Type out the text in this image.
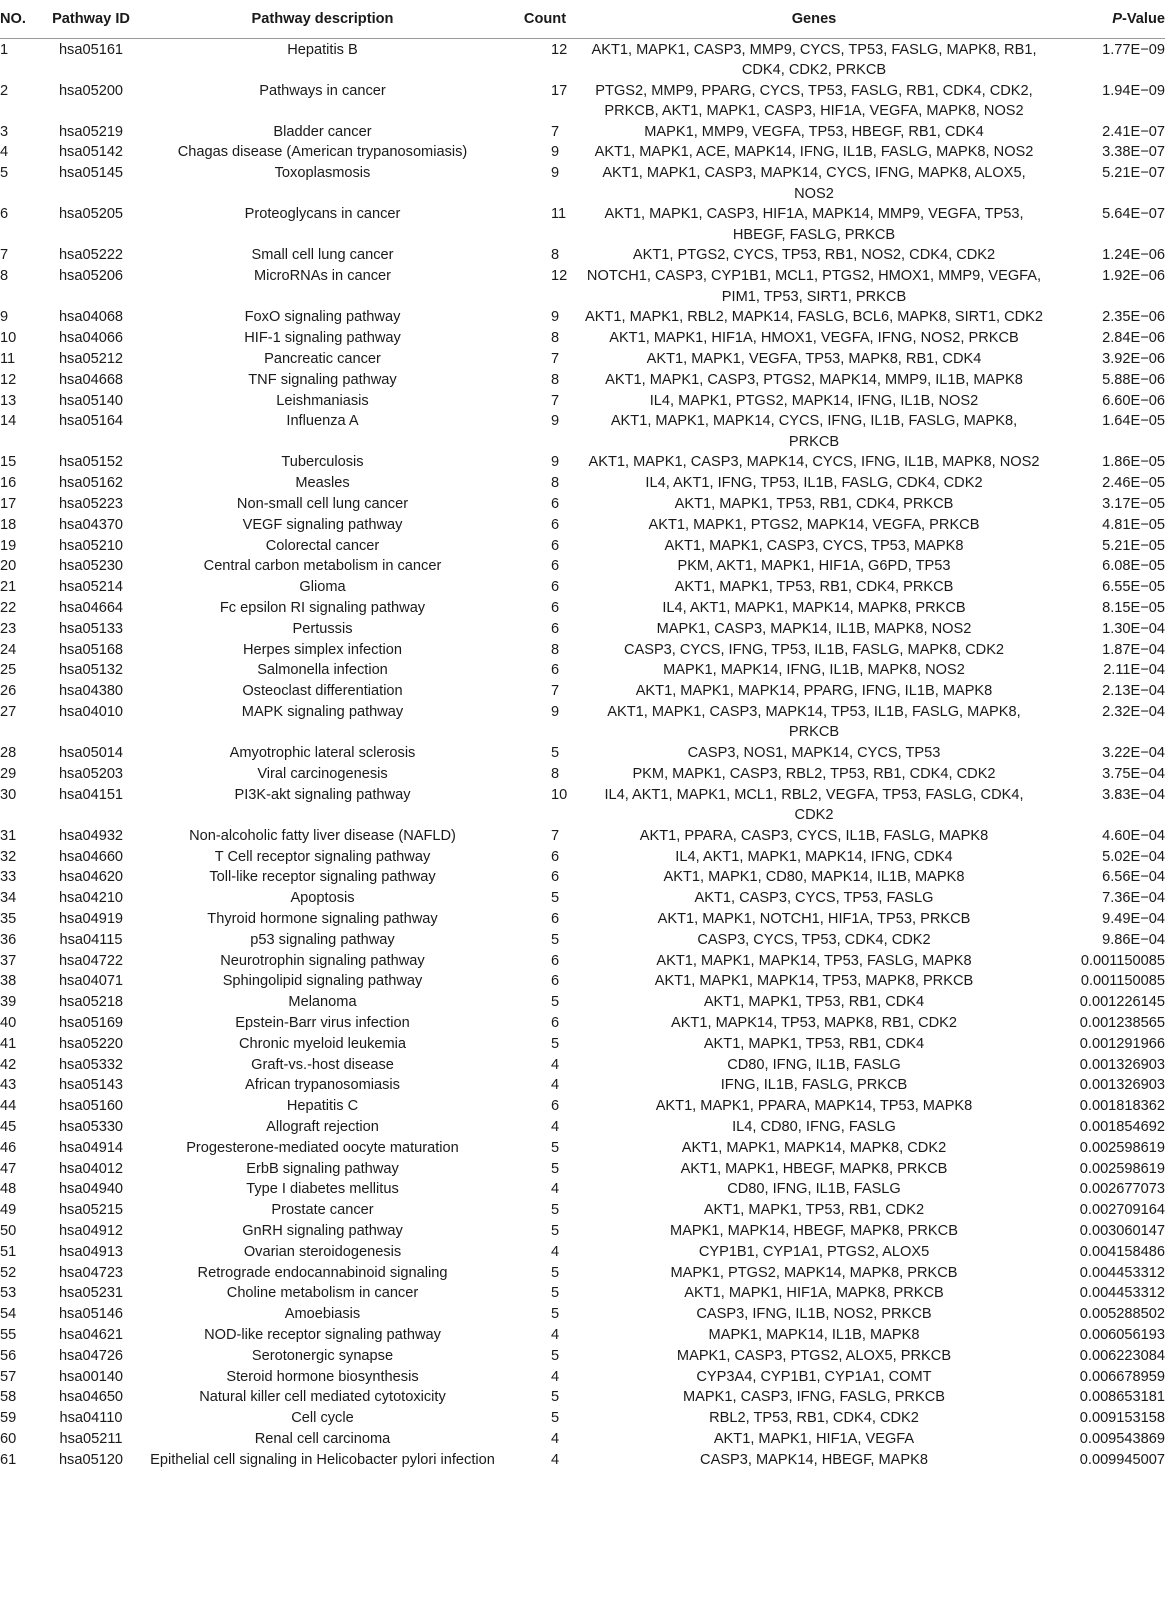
NO.	Pathway ID	Pathway description	Count	Genes	P-Value
1	hsa05161	Hepatitis B	12	AKT1, MAPK1, CASP3, MMP9, CYCS, TP53, FASLG, MAPK8, RB1, CDK4, CDK2, PRKCB	1.77E−09
2	hsa05200	Pathways in cancer	17	PTGS2, MMP9, PPARG, CYCS, TP53, FASLG, RB1, CDK4, CDK2, PRKCB, AKT1, MAPK1, CASP3, HIF1A, VEGFA, MAPK8, NOS2	1.94E−09
3	hsa05219	Bladder cancer	7	MAPK1, MMP9, VEGFA, TP53, HBEGF, RB1, CDK4	2.41E−07
4	hsa05142	Chagas disease (American trypanosomiasis)	9	AKT1, MAPK1, ACE, MAPK14, IFNG, IL1B, FASLG, MAPK8, NOS2	3.38E−07
5	hsa05145	Toxoplasmosis	9	AKT1, MAPK1, CASP3, MAPK14, CYCS, IFNG, MAPK8, ALOX5, NOS2	5.21E−07
6	hsa05205	Proteoglycans in cancer	11	AKT1, MAPK1, CASP3, HIF1A, MAPK14, MMP9, VEGFA, TP53, HBEGF, FASLG, PRKCB	5.64E−07
7	hsa05222	Small cell lung cancer	8	AKT1, PTGS2, CYCS, TP53, RB1, NOS2, CDK4, CDK2	1.24E−06
8	hsa05206	MicroRNAs in cancer	12	NOTCH1, CASP3, CYP1B1, MCL1, PTGS2, HMOX1, MMP9, VEGFA, PIM1, TP53, SIRT1, PRKCB	1.92E−06
9	hsa04068	FoxO signaling pathway	9	AKT1, MAPK1, RBL2, MAPK14, FASLG, BCL6, MAPK8, SIRT1, CDK2	2.35E−06
10	hsa04066	HIF-1 signaling pathway	8	AKT1, MAPK1, HIF1A, HMOX1, VEGFA, IFNG, NOS2, PRKCB	2.84E−06
11	hsa05212	Pancreatic cancer	7	AKT1, MAPK1, VEGFA, TP53, MAPK8, RB1, CDK4	3.92E−06
12	hsa04668	TNF signaling pathway	8	AKT1, MAPK1, CASP3, PTGS2, MAPK14, MMP9, IL1B, MAPK8	5.88E−06
13	hsa05140	Leishmaniasis	7	IL4, MAPK1, PTGS2, MAPK14, IFNG, IL1B, NOS2	6.60E−06
14	hsa05164	Influenza A	9	AKT1, MAPK1, MAPK14, CYCS, IFNG, IL1B, FASLG, MAPK8, PRKCB	1.64E−05
15	hsa05152	Tuberculosis	9	AKT1, MAPK1, CASP3, MAPK14, CYCS, IFNG, IL1B, MAPK8, NOS2	1.86E−05
16	hsa05162	Measles	8	IL4, AKT1, IFNG, TP53, IL1B, FASLG, CDK4, CDK2	2.46E−05
17	hsa05223	Non-small cell lung cancer	6	AKT1, MAPK1, TP53, RB1, CDK4, PRKCB	3.17E−05
18	hsa04370	VEGF signaling pathway	6	AKT1, MAPK1, PTGS2, MAPK14, VEGFA, PRKCB	4.81E−05
19	hsa05210	Colorectal cancer	6	AKT1, MAPK1, CASP3, CYCS, TP53, MAPK8	5.21E−05
20	hsa05230	Central carbon metabolism in cancer	6	PKM, AKT1, MAPK1, HIF1A, G6PD, TP53	6.08E−05
21	hsa05214	Glioma	6	AKT1, MAPK1, TP53, RB1, CDK4, PRKCB	6.55E−05
22	hsa04664	Fc epsilon RI signaling pathway	6	IL4, AKT1, MAPK1, MAPK14, MAPK8, PRKCB	8.15E−05
23	hsa05133	Pertussis	6	MAPK1, CASP3, MAPK14, IL1B, MAPK8, NOS2	1.30E−04
24	hsa05168	Herpes simplex infection	8	CASP3, CYCS, IFNG, TP53, IL1B, FASLG, MAPK8, CDK2	1.87E−04
25	hsa05132	Salmonella infection	6	MAPK1, MAPK14, IFNG, IL1B, MAPK8, NOS2	2.11E−04
26	hsa04380	Osteoclast differentiation	7	AKT1, MAPK1, MAPK14, PPARG, IFNG, IL1B, MAPK8	2.13E−04
27	hsa04010	MAPK signaling pathway	9	AKT1, MAPK1, CASP3, MAPK14, TP53, IL1B, FASLG, MAPK8, PRKCB	2.32E−04
28	hsa05014	Amyotrophic lateral sclerosis	5	CASP3, NOS1, MAPK14, CYCS, TP53	3.22E−04
29	hsa05203	Viral carcinogenesis	8	PKM, MAPK1, CASP3, RBL2, TP53, RB1, CDK4, CDK2	3.75E−04
30	hsa04151	PI3K-akt signaling pathway	10	IL4, AKT1, MAPK1, MCL1, RBL2, VEGFA, TP53, FASLG, CDK4, CDK2	3.83E−04
31	hsa04932	Non-alcoholic fatty liver disease (NAFLD)	7	AKT1, PPARA, CASP3, CYCS, IL1B, FASLG, MAPK8	4.60E−04
32	hsa04660	T Cell receptor signaling pathway	6	IL4, AKT1, MAPK1, MAPK14, IFNG, CDK4	5.02E−04
33	hsa04620	Toll-like receptor signaling pathway	6	AKT1, MAPK1, CD80, MAPK14, IL1B, MAPK8	6.56E−04
34	hsa04210	Apoptosis	5	AKT1, CASP3, CYCS, TP53, FASLG	7.36E−04
35	hsa04919	Thyroid hormone signaling pathway	6	AKT1, MAPK1, NOTCH1, HIF1A, TP53, PRKCB	9.49E−04
36	hsa04115	p53 signaling pathway	5	CASP3, CYCS, TP53, CDK4, CDK2	9.86E−04
37	hsa04722	Neurotrophin signaling pathway	6	AKT1, MAPK1, MAPK14, TP53, FASLG, MAPK8	0.001150085
38	hsa04071	Sphingolipid signaling pathway	6	AKT1, MAPK1, MAPK14, TP53, MAPK8, PRKCB	0.001150085
39	hsa05218	Melanoma	5	AKT1, MAPK1, TP53, RB1, CDK4	0.001226145
40	hsa05169	Epstein-Barr virus infection	6	AKT1, MAPK14, TP53, MAPK8, RB1, CDK2	0.001238565
41	hsa05220	Chronic myeloid leukemia	5	AKT1, MAPK1, TP53, RB1, CDK4	0.001291966
42	hsa05332	Graft-vs.-host disease	4	CD80, IFNG, IL1B, FASLG	0.001326903
43	hsa05143	African trypanosomiasis	4	IFNG, IL1B, FASLG, PRKCB	0.001326903
44	hsa05160	Hepatitis C	6	AKT1, MAPK1, PPARA, MAPK14, TP53, MAPK8	0.001818362
45	hsa05330	Allograft rejection	4	IL4, CD80, IFNG, FASLG	0.001854692
46	hsa04914	Progesterone-mediated oocyte maturation	5	AKT1, MAPK1, MAPK14, MAPK8, CDK2	0.002598619
47	hsa04012	ErbB signaling pathway	5	AKT1, MAPK1, HBEGF, MAPK8, PRKCB	0.002598619
48	hsa04940	Type I diabetes mellitus	4	CD80, IFNG, IL1B, FASLG	0.002677073
49	hsa05215	Prostate cancer	5	AKT1, MAPK1, TP53, RB1, CDK2	0.002709164
50	hsa04912	GnRH signaling pathway	5	MAPK1, MAPK14, HBEGF, MAPK8, PRKCB	0.003060147
51	hsa04913	Ovarian steroidogenesis	4	CYP1B1, CYP1A1, PTGS2, ALOX5	0.004158486
52	hsa04723	Retrograde endocannabinoid signaling	5	MAPK1, PTGS2, MAPK14, MAPK8, PRKCB	0.004453312
53	hsa05231	Choline metabolism in cancer	5	AKT1, MAPK1, HIF1A, MAPK8, PRKCB	0.004453312
54	hsa05146	Amoebiasis	5	CASP3, IFNG, IL1B, NOS2, PRKCB	0.005288502
55	hsa04621	NOD-like receptor signaling pathway	4	MAPK1, MAPK14, IL1B, MAPK8	0.006056193
56	hsa04726	Serotonergic synapse	5	MAPK1, CASP3, PTGS2, ALOX5, PRKCB	0.006223084
57	hsa00140	Steroid hormone biosynthesis	4	CYP3A4, CYP1B1, CYP1A1, COMT	0.006678959
58	hsa04650	Natural killer cell mediated cytotoxicity	5	MAPK1, CASP3, IFNG, FASLG, PRKCB	0.008653181
59	hsa04110	Cell cycle	5	RBL2, TP53, RB1, CDK4, CDK2	0.009153158
60	hsa05211	Renal cell carcinoma	4	AKT1, MAPK1, HIF1A, VEGFA	0.009543869
61	hsa05120	Epithelial cell signaling in Helicobacter pylori infection	4	CASP3, MAPK14, HBEGF, MAPK8	0.009945007
